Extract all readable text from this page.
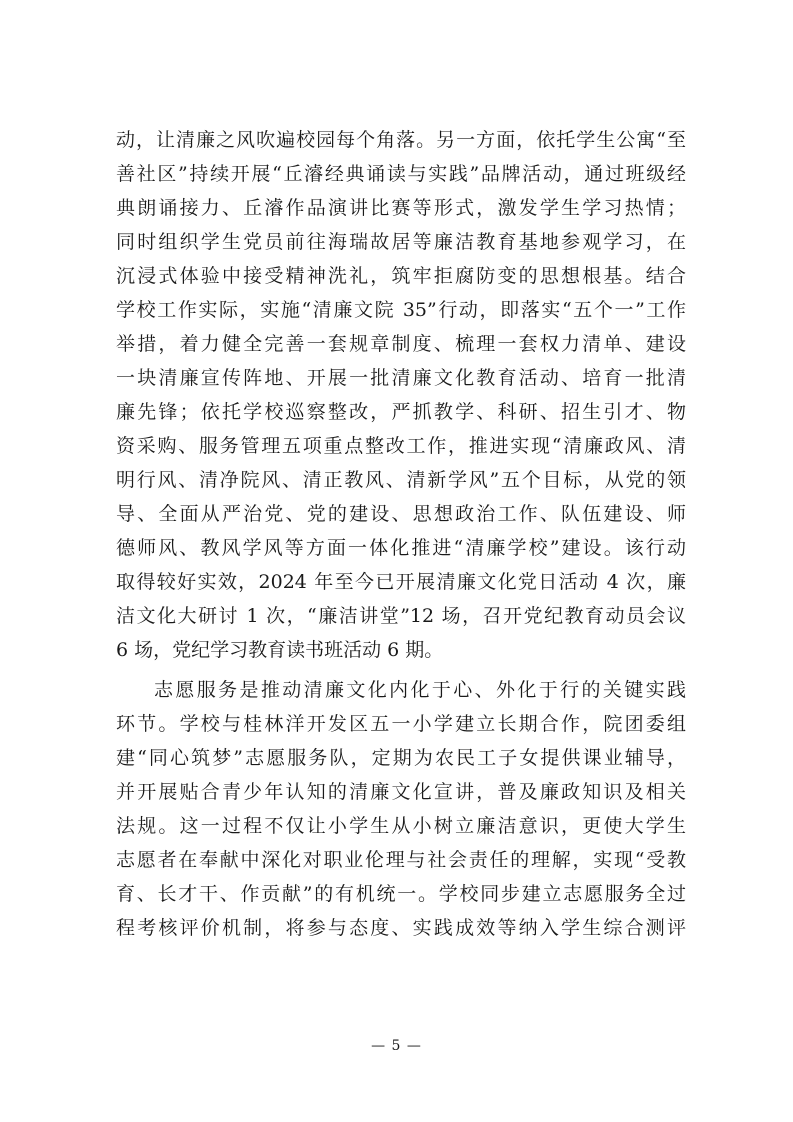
动，让清廉之风吹遍校园每个角落。另一方面，依托学生公寓“至
善社区”持续开展“丘濬经典诵读与实践”品牌活动，通过班级经
典朗诵接力、丘濬作品演讲比赛等形式，激发学生学习热情；
同时组织学生党员前往海瑞故居等廉洁教育基地参观学习，在
沉浸式体验中接受精神洗礼，筑牢拒腐防变的思想根基。结合
学校工作实际，实施“清廉文院 35”行动，即落实“五个一”工作
举措，着力健全完善一套规章制度、梳理一套权力清单、建设
一块清廉宣传阵地、开展一批清廉文化教育活动、培育一批清
廉先锋；依托学校巡察整改，严抓教学、科研、招生引才、物
资采购、服务管理五项重点整改工作，推进实现“清廉政风、清
明行风、清净院风、清正教风、清新学风”五个目标，从党的领
导、全面从严治党、党的建设、思想政治工作、队伍建设、师
德师风、教风学风等方面一体化推进“清廉学校”建设。该行动
取得较好实效，2024 年至今已开展清廉文化党日活动 4 次，廉
洁文化大研讨 1 次，“廉洁讲堂”12 场，召开党纪教育动员会议
6 场，党纪学习教育读书班活动 6 期。
志愿服务是推动清廉文化内化于心、外化于行的关键实践
环节。学校与桂林洋开发区五一小学建立长期合作，院团委组
建“同心筑梦”志愿服务队，定期为农民工子女提供课业辅导，
并开展贴合青少年认知的清廉文化宣讲，普及廉政知识及相关
法规。这一过程不仅让小学生从小树立廉洁意识，更使大学生
志愿者在奉献中深化对职业伦理与社会责任的理解，实现“受教
育、长才干、作贡献”的有机统一。学校同步建立志愿服务全过
程考核评价机制，将参与态度、实践成效等纳入学生综合测评
— 5 —
